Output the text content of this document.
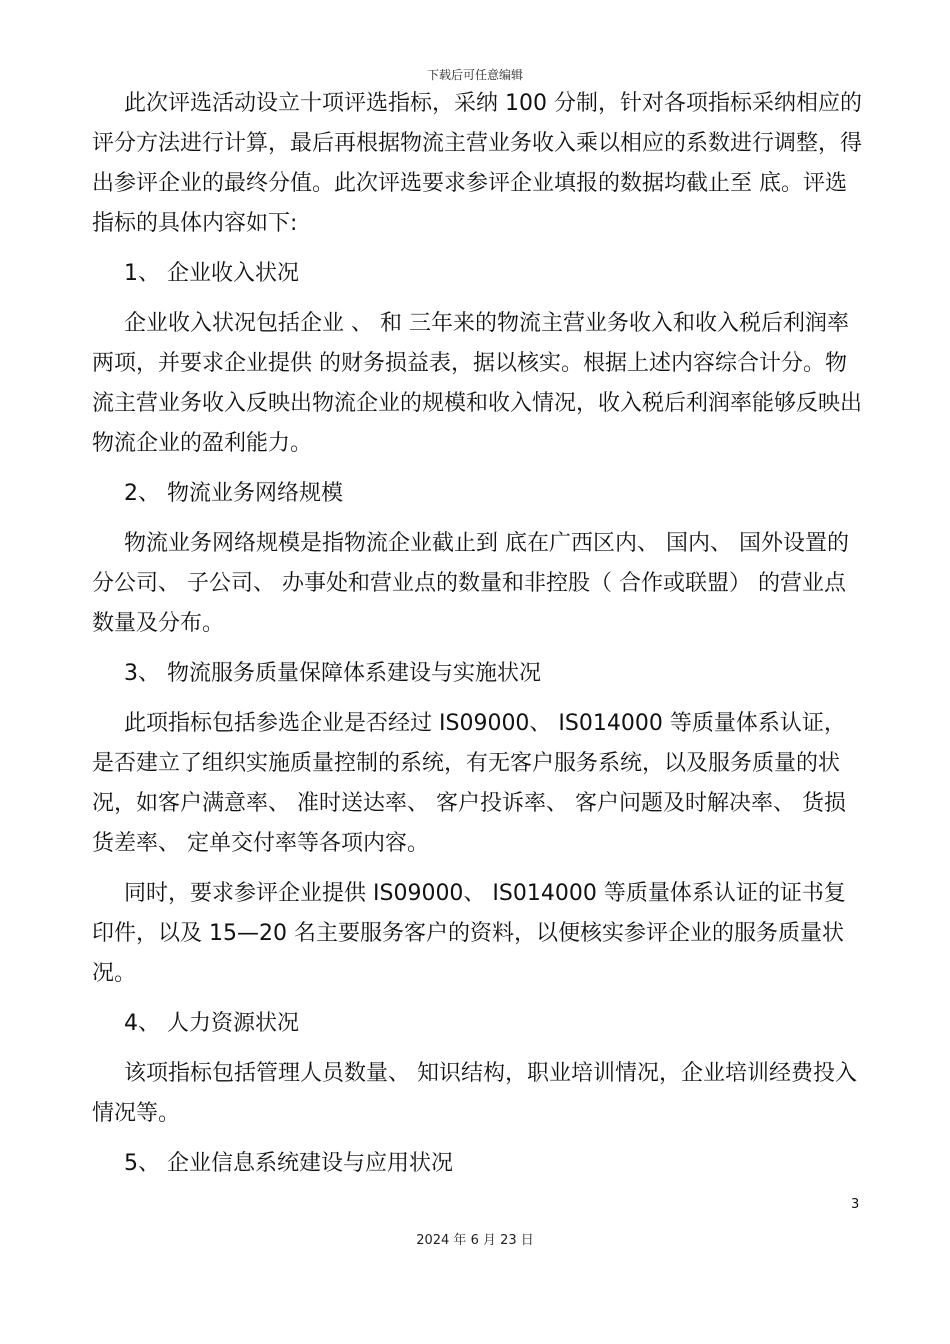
下载后可任意编辑

此次评选活动设立十项评选指标，采纳 100 分制，针对各项指标采纳相应的评分方法进行计算，最后再根据物流主营业务收入乘以相应的系数进行调整，得出参评企业的最终分值。此次评选要求参评企业填报的数据均截止至 底。评选指标的具体内容如下:

1、 企业收入状况

企业收入状况包括企业 、 和 三年来的物流主营业务收入和收入税后利润率两项，并要求企业提供 的财务损益表，据以核实。根据上述内容综合计分。物流主营业务收入反映出物流企业的规模和收入情况，收入税后利润率能够反映出物流企业的盈利能力。

2、 物流业务网络规模

物流业务网络规模是指物流企业截止到 底在广西区内、 国内、 国外设置的分公司、 子公司、 办事处和营业点的数量和非控股（ 合作或联盟） 的营业点数量及分布。

3、 物流服务质量保障体系建设与实施状况

此项指标包括参选企业是否经过 IS09000、 IS014000 等质量体系认证，是否建立了组织实施质量控制的系统，有无客户服务系统，以及服务质量的状况，如客户满意率、 准时送达率、 客户投诉率、 客户问题及时解决率、 货损货差率、 定单交付率等各项内容。

同时，要求参评企业提供 IS09000、 IS014000 等质量体系认证的证书复印件，以及 15—20 名主要服务客户的资料，以便核实参评企业的服务质量状况。

4、 人力资源状况

该项指标包括管理人员数量、 知识结构，职业培训情况，企业培训经费投入情况等。

5、 企业信息系统建设与应用状况

3
2024 年 6 月 23 日
